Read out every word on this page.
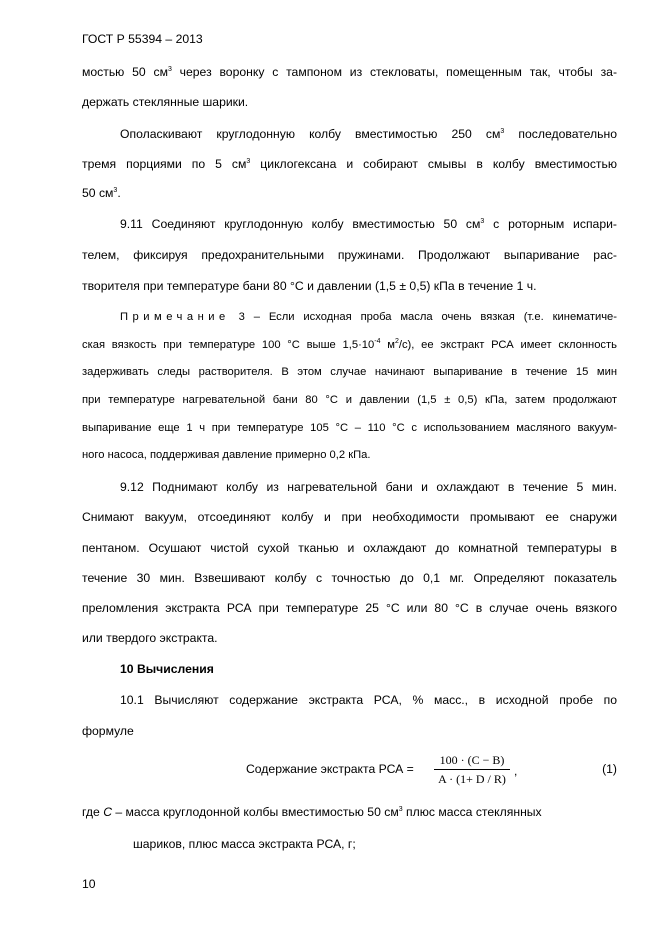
ГОСТ Р 55394 – 2013
мостью 50 $см^3$ через воронку с тампоном из стекловаты, помещенным так, чтобы за-
держать стеклянные шарики.
Ополаскивают круглодонную колбу вместимостью 250 $см^3$ последовательно
тремя порциями по 5 $см^3$ циклогексана и собирают смывы в колбу вместимостью
50 $см^3$.
9.11 Соединяют круглодонную колбу вместимостью 50 $см^3$ с роторным испари-
телем, фиксируя предохранительными пружинами. Продолжают выпаривание рас-
творителя при температуре бани 80 °С и давлении (1,5 ± 0,5) кПа в течение 1 ч.
Примечание 3 – Если исходная проба масла очень вязкая (т.е. кинематиче-
ская вязкость при температуре 100 °С выше $1,5\cdot 10^{-4}$ $м^2/с$), ее экстракт РСА имеет склонность
задерживать следы растворителя. В этом случае начинают выпаривание в течение 15 мин
при температуре нагревательной бани 80 °С и давлении (1,5 ± 0,5) кПа, затем продолжают
выпаривание еще 1 ч при температуре 105 °С – 110 °С с использованием масляного вакуум-
ного насоса, поддерживая давление примерно 0,2 кПа.
9.12 Поднимают колбу из нагревательной бани и охлаждают в течение 5 мин.
Снимают вакуум, отсоединяют колбу и при необходимости промывают ее снаружи
пентаном. Осушают чистой сухой тканью и охлаждают до комнатной температуры в
течение 30 мин. Взвешивают колбу с точностью до 0,1 мг. Определяют показатель
преломления экстракта РСА при температуре 25 °С или 80 °С в случае очень вязкого
или твердого экстракта.
10 Вычисления
10.1 Вычисляют содержание экстракта РСА, % масс., в исходной пробе по
формуле
Содержание экстракта РСА =
100 · (C − B)
A · (1+ D / R)
,	(1)
где С – масса круглодонной колбы вместимостью 50 $см^3$ плюс масса стеклянных
шариков, плюс масса экстракта РСА, г;
10
